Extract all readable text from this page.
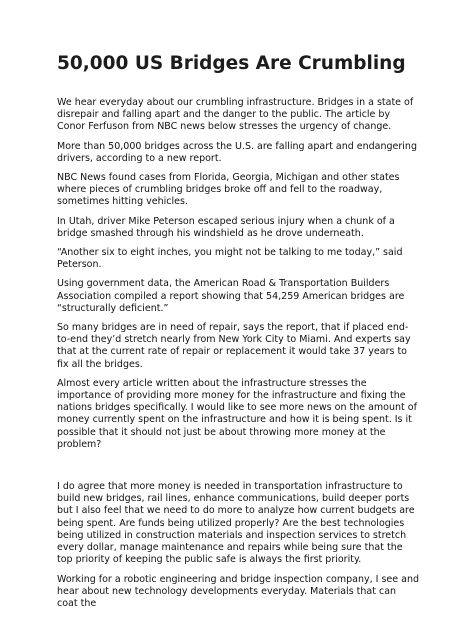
50,000 US Bridges Are Crumbling

We hear everyday about our crumbling infrastructure. Bridges in a state of disrepair and falling apart and the danger to the public. The article by Conor Ferfuson from NBC news below stresses the urgency of change.

More than 50,000 bridges across the U.S. are falling apart and endangering drivers, according to a new report.

NBC News found cases from Florida, Georgia, Michigan and other states where pieces of crumbling bridges broke off and fell to the roadway, sometimes hitting vehicles.

In Utah, driver Mike Peterson escaped serious injury when a chunk of a bridge smashed through his windshield as he drove underneath.

“Another six to eight inches, you might not be talking to me today,” said Peterson.

Using government data, the American Road & Transportation Builders Association compiled a report showing that 54,259 American bridges are “structurally deficient.”

So many bridges are in need of repair, says the report, that if placed end-to-end they’d stretch nearly from New York City to Miami. And experts say that at the current rate of repair or replacement it would take 37 years to fix all the bridges.

Almost every article written about the infrastructure stresses the importance of providing more money for the infrastructure and fixing the nations bridges specifically. I would like to see more news on the amount of money currently spent on the infrastructure and how it is being spent. Is it possible that it should not just be about throwing more money at the problem?

I do agree that more money is needed in transportation infrastructure to build new bridges, rail lines, enhance communications, build deeper ports but I also feel that we need to do more to analyze how current budgets are being spent. Are funds being utilized properly? Are the best technologies being utilized in construction materials and inspection services to stretch every dollar, manage maintenance and repairs while being sure that the top priority of keeping the public safe is always the first priority.

Working for a robotic engineering and bridge inspection company, I see and hear about new technology developments everyday. Materials that can coat the
